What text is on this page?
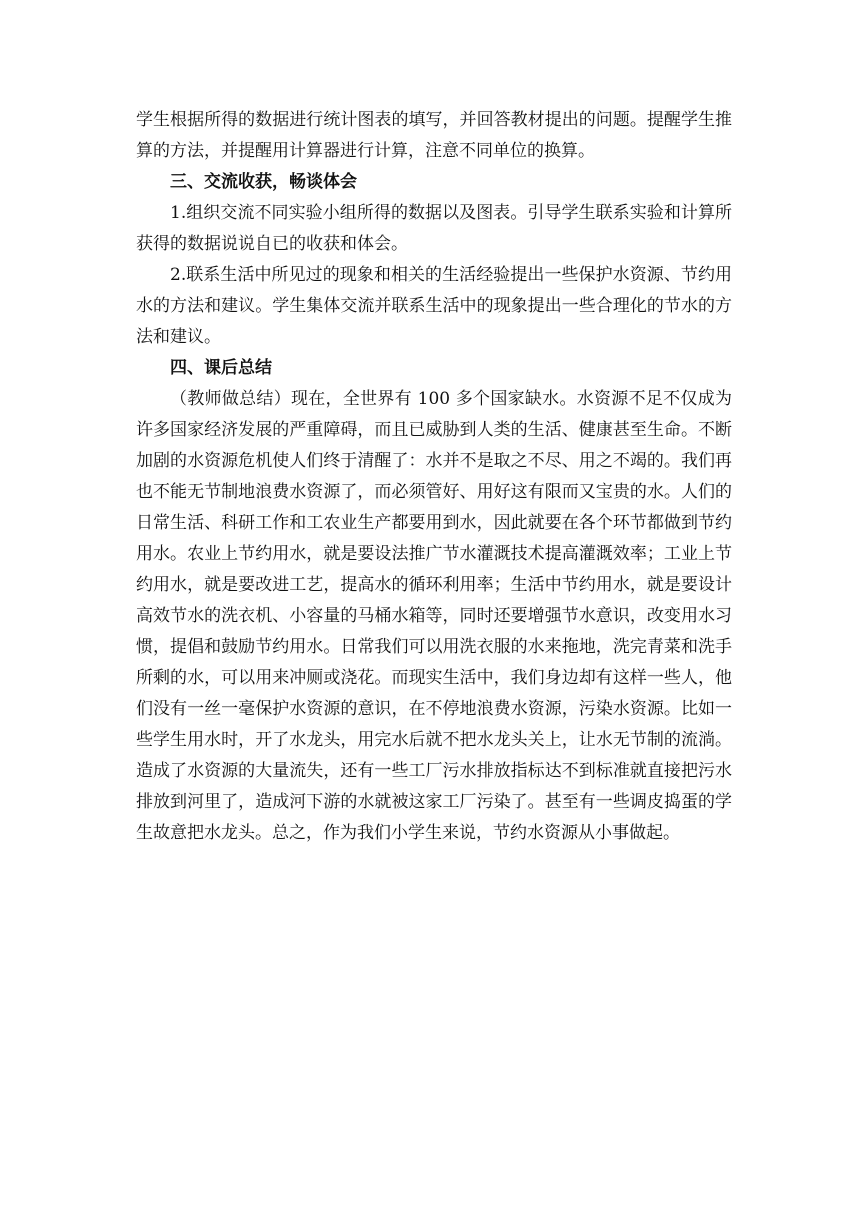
学生根据所得的数据进行统计图表的填写，并回答教材提出的问题。提醒学生推算的方法，并提醒用计算器进行计算，注意不同单位的换算。

三、交流收获，畅谈体会

1.组织交流不同实验小组所得的数据以及图表。引导学生联系实验和计算所获得的数据说说自已的收获和体会。

2.联系生活中所见过的现象和相关的生活经验提出一些保护水资源、节约用水的方法和建议。学生集体交流并联系生活中的现象提出一些合理化的节水的方法和建议。

四、课后总结

（教师做总结）现在，全世界有 100 多个国家缺水。水资源不足不仅成为许多国家经济发展的严重障碍，而且已威胁到人类的生活、健康甚至生命。不断加剧的水资源危机使人们终于清醒了：水并不是取之不尽、用之不竭的。我们再也不能无节制地浪费水资源了，而必须管好、用好这有限而又宝贵的水。人们的日常生活、科研工作和工农业生产都要用到水，因此就要在各个环节都做到节约用水。农业上节约用水，就是要设法推广节水灌溉技术提高灌溉效率；工业上节约用水，就是要改进工艺，提高水的循环利用率；生活中节约用水，就是要设计高效节水的洗衣机、小容量的马桶水箱等，同时还要增强节水意识，改变用水习惯，提倡和鼓励节约用水。日常我们可以用洗衣服的水来拖地，洗完青菜和洗手所剩的水，可以用来冲厕或浇花。而现实生活中，我们身边却有这样一些人，他们没有一丝一毫保护水资源的意识，在不停地浪费水资源，污染水资源。比如一些学生用水时，开了水龙头，用完水后就不把水龙头关上，让水无节制的流淌。造成了水资源的大量流失，还有一些工厂污水排放指标达不到标准就直接把污水排放到河里了，造成河下游的水就被这家工厂污染了。甚至有一些调皮捣蛋的学生故意把水龙头。总之，作为我们小学生来说，节约水资源从小事做起。
